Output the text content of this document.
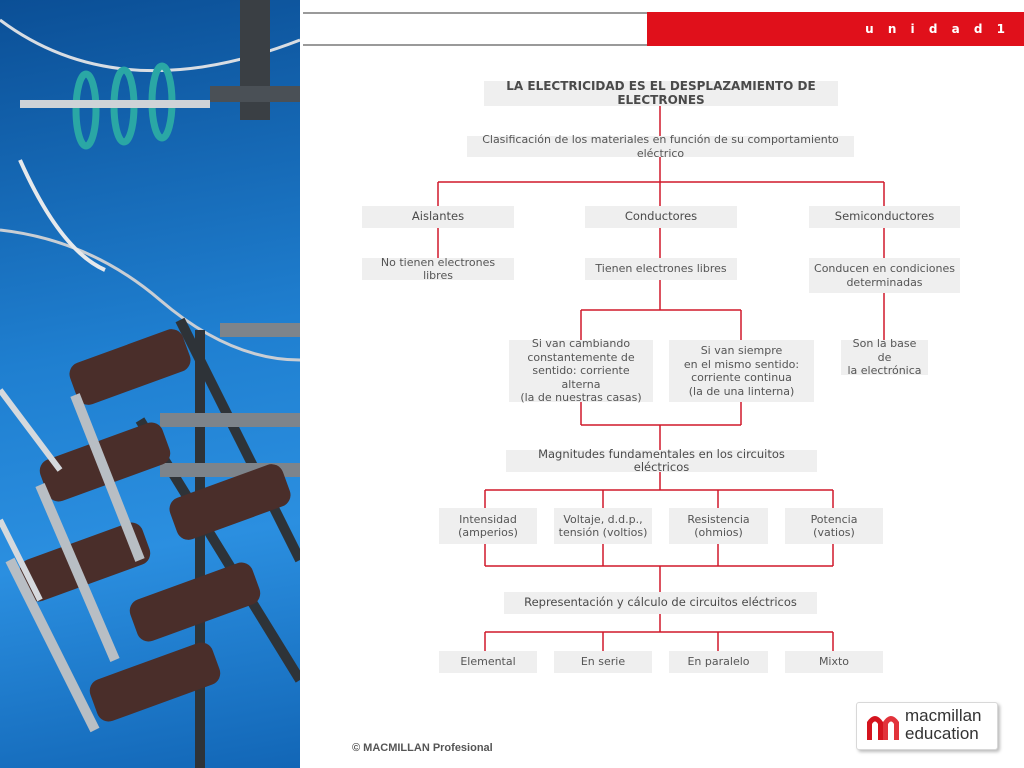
u n i d a d 1
LA ELECTRICIDAD ES EL DESPLAZAMIENTO DE ELECTRONES
Clasificación de los materiales en función de su comportamiento eléctrico
Aislantes	Conductores	Semiconductores
No tienen electrones libres
Tienen electrones libres	Conducen en condiciones
determinadas
Si van cambiando
constantemente de
sentido: corriente alterna
(la de nuestras casas)
Si van siempre
en el mismo sentido:
corriente continua
(la de una linterna)
Son la base de
la electrónica
Magnitudes fundamentales en los circuitos eléctricos
Intensidad
(amperios)
Voltaje, d.d.p.,
tensión (voltios)
Resistencia
(ohmios)
Potencia
(vatios)
Representación y cálculo de circuitos eléctricos
Elemental	En serie	En paralelo	Mixto
© MACMILLAN Profesional
macmillan
education
